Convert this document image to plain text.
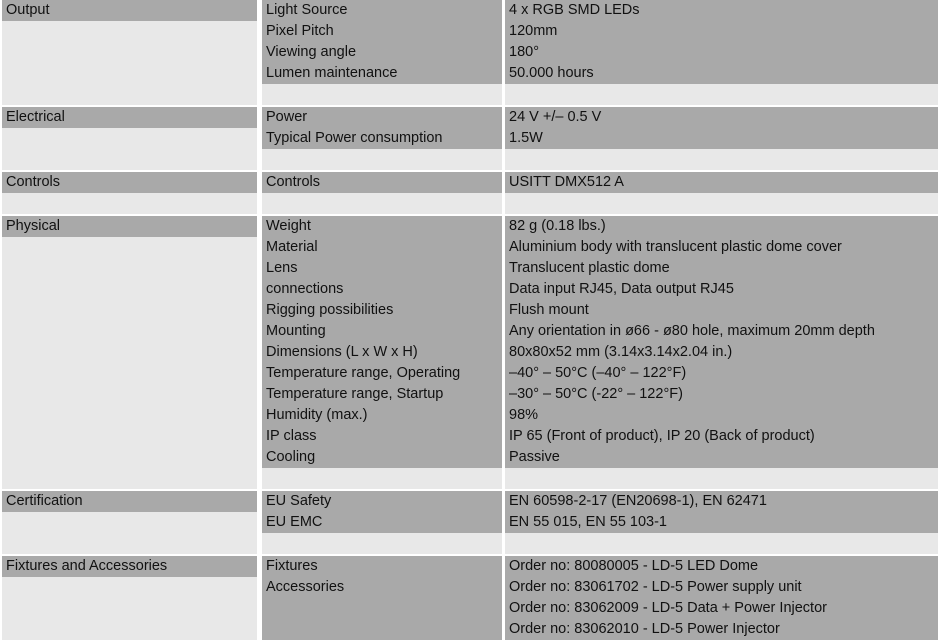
Output
Electrical
Controls
Physical
Certification
Fixtures and Accessories
Light Source
Pixel Pitch
Viewing angle
Lumen maintenance
Power
Typical Power consumption
Controls
Weight
Material
Lens
connections
Rigging possibilities
Mounting
Dimensions (L x W x H)
Temperature range, Operating
Temperature range, Startup
Humidity (max.)
IP class
Cooling
EU Safety
EU EMC
Fixtures
Accessories
4 x RGB SMD LEDs
120mm
180°
50.000 hours
24 V +/– 0.5 V
1.5W
USITT DMX512 A
82 g (0.18 lbs.)
Aluminium body with translucent plastic dome cover
Translucent plastic dome
Data input RJ45, Data output RJ45
Flush mount
Any orientation in ø66 - ø80 hole, maximum 20mm depth
80x80x52 mm (3.14x3.14x2.04 in.)
–40° – 50°C (–40° – 122°F)
–30° – 50°C (-22° – 122°F)
98%
IP 65 (Front of product), IP 20 (Back of product)
Passive
EN 60598-2-17 (EN20698-1), EN 62471
EN 55 015, EN 55 103-1
Order no: 80080005 - LD-5 LED Dome
Order no: 83061702 - LD-5 Power supply unit
Order no: 83062009 - LD-5 Data + Power Injector
Order no: 83062010 - LD-5 Power Injector
